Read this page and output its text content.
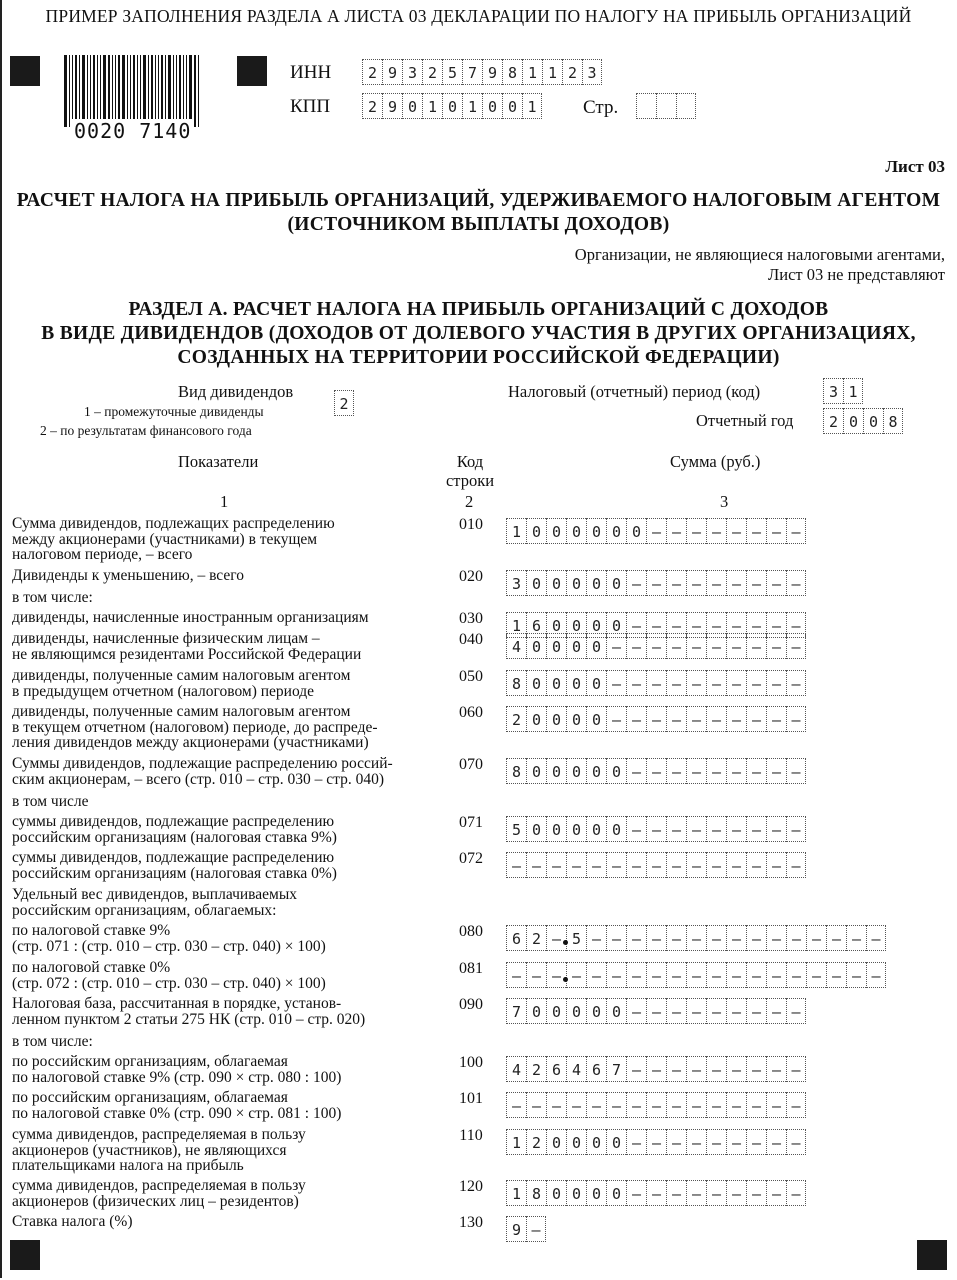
ПРИМЕР ЗАПОЛНЕНИЯ РАЗДЕЛА А ЛИСТА 03 ДЕКЛАРАЦИИ ПО НАЛОГУ НА ПРИБЫЛЬ ОРГАНИЗАЦИЙ
0020 7140
ИНН	2 9 3 2 5 7 9 8 1 1 2 3
КПП	2 9 0 1 0 1 0 0 1 Стр.
Лист 03
РАСЧЕТ НАЛОГА НА ПРИБЫЛЬ ОРГАНИЗАЦИЙ, УДЕРЖИВАЕМОГО НАЛОГОВЫМ АГЕНТОМ
(ИСТОЧНИКОМ ВЫПЛАТЫ ДОХОДОВ)
Организации, не являющиеся налоговыми агентами,
Лист 03 не представляют
РАЗДЕЛ А. РАСЧЕТ НАЛОГА НА ПРИБЫЛЬ ОРГАНИЗАЦИЙ С ДОХОДОВ
В ВИДЕ ДИВИДЕНДОВ (ДОХОДОВ ОТ ДОЛЕВОГО УЧАСТИЯ В ДРУГИХ ОРГАНИЗАЦИЯХ,
СОЗДАННЫХ НА ТЕРРИТОРИИ РОССИЙСКОЙ ФЕДЕРАЦИИ)
Вид дивидендов
1 – промежуточные дивиденды
2 – по результатам финансового года
2
Налоговый (отчетный) период (код)	3 1
Отчетный год	2 0 0 8
Показатели	Код
строки
Сумма (руб.)
1	2	3
Сумма дивидендов, подлежащих распределению
между акционерами (участниками) в текущем
налоговом периоде, – всего
010	1 0 0 0 0 0 0 – – – – – – – –
Дивиденды к уменьшению, – всего	020	3 0 0 0 0 0 – – – – – – – – –
в том числе:
дивиденды, начисленные иностранным организациям	030	1 6 0 0 0 0 – – – – – – – – –
дивиденды, начисленные физическим лицам –
не являющимся резидентами Российской Федерации
040	4 0 0 0 0 – – – – – – – – – –
дивиденды, полученные самим налоговым агентом
в предыдущем отчетном (налоговом) периоде
050	8 0 0 0 0 – – – – – – – – – –
дивиденды, полученные самим налоговым агентом
в текущем отчетном (налоговом) периоде, до распреде-
ления дивидендов между акционерами (участниками)
060	2 0 0 0 0 – – – – – – – – – –
Суммы дивидендов, подлежащие распределению россий-
ским акционерам, – всего (стр. 010 – стр. 030 – стр. 040)
070	8 0 0 0 0 0 – – – – – – – – –
в том числе
суммы дивидендов, подлежащие распределению
российским организациям (налоговая ставка 9%)
071	5 0 0 0 0 0 – – – – – – – – –
суммы дивидендов, подлежащие распределению
российским организациям (налоговая ставка 0%)
072	– – – – – – – – – – – – – – –
Удельный вес дивидендов, выплачиваемых
российским организациям, облагаемых:
по налоговой ставке 9%
(стр. 071 : (стр. 010 – стр. 030 – стр. 040) × 100)
080	6 2 – 5 – – – – – – – – – – – – – – –
по налоговой ставке 0%
(стр. 072 : (стр. 010 – стр. 030 – стр. 040) × 100)
081	– – – – – – – – – – – – – – – – – – –
Налоговая база, рассчитанная в порядке, установ-
ленном пунктом 2 статьи 275 НК (стр. 010 – стр. 020)
090	7 0 0 0 0 0 – – – – – – – – –
в том числе:
по российским организациям, облагаемая
по налоговой ставке 9% (стр. 090 × стр. 080 : 100)
100	4 2 6 4 6 7 – – – – – – – – –
по российским организациям, облагаемая
по налоговой ставке 0% (стр. 090 × стр. 081 : 100)
101	– – – – – – – – – – – – – – –
сумма дивидендов, распределяемая в пользу
акционеров (участников), не являющихся
плательщиками налога на прибыль
110	1 2 0 0 0 0 – – – – – – – – –
сумма дивидендов, распределяемая в пользу
акционеров (физических лиц – резидентов)
120	1 8 0 0 0 0 – – – – – – – – –
Ставка налога (%)	130	9 –
